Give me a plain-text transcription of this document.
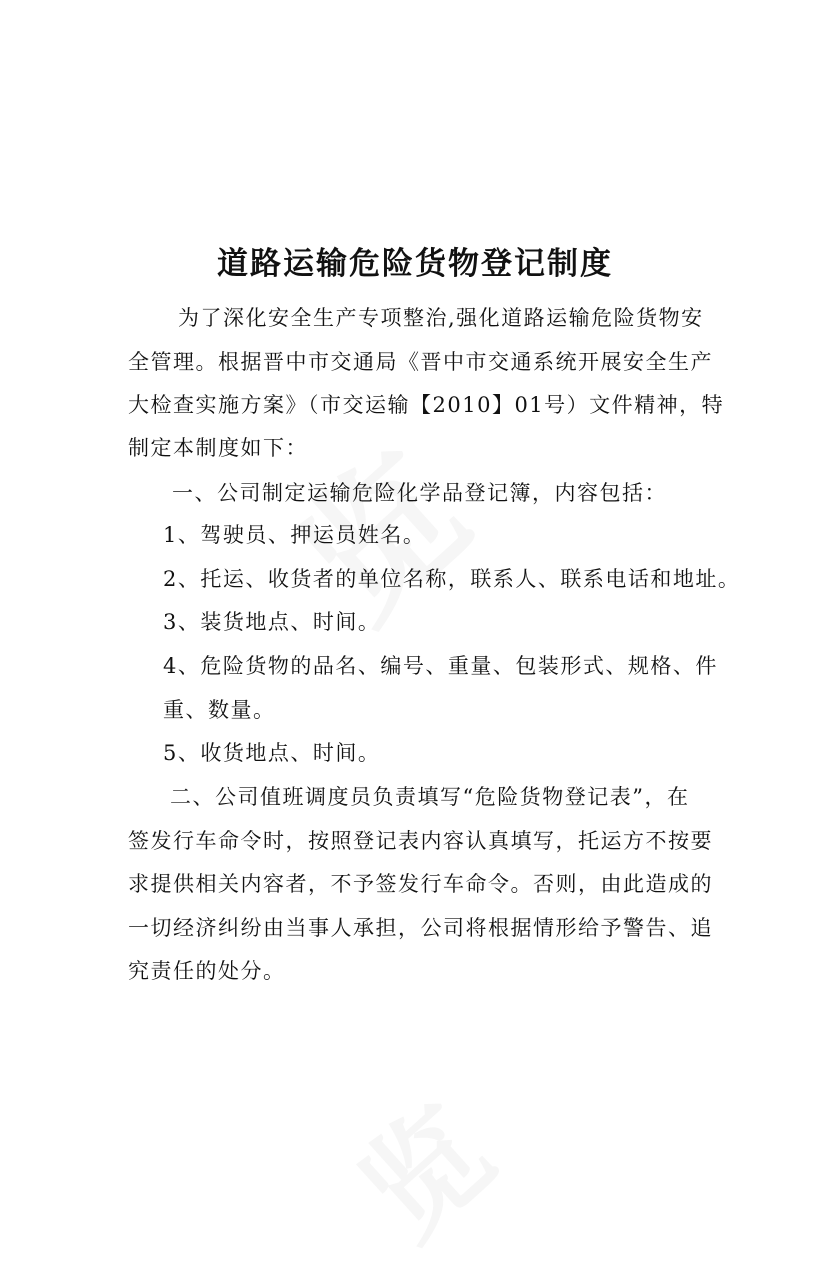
道路运输危险货物登记制度
为了深化安全生产专项整治,强化道路运输危险货物安
全管理。根据晋中市交通局《晋中市交通系统开展安全生产
大检查实施方案》（市交运输【2010】01号）文件精神，特
制定本制度如下：
一、公司制定运输危险化学品登记簿，内容包括：
1、驾驶员、押运员姓名。
2、托运、收货者的单位名称，联系人、联系电话和地址。
3、装货地点、时间。
4、危险货物的品名、编号、重量、包装形式、规格、件
重、数量。
5、收货地点、时间。
二、公司值班调度员负责填写“危险货物登记表”，在
签发行车命令时，按照登记表内容认真填写，托运方不按要
求提供相关内容者，不予签发行车命令。否则，由此造成的
一切经济纠纷由当事人承担，公司将根据情形给予警告、追
究责任的处分。
